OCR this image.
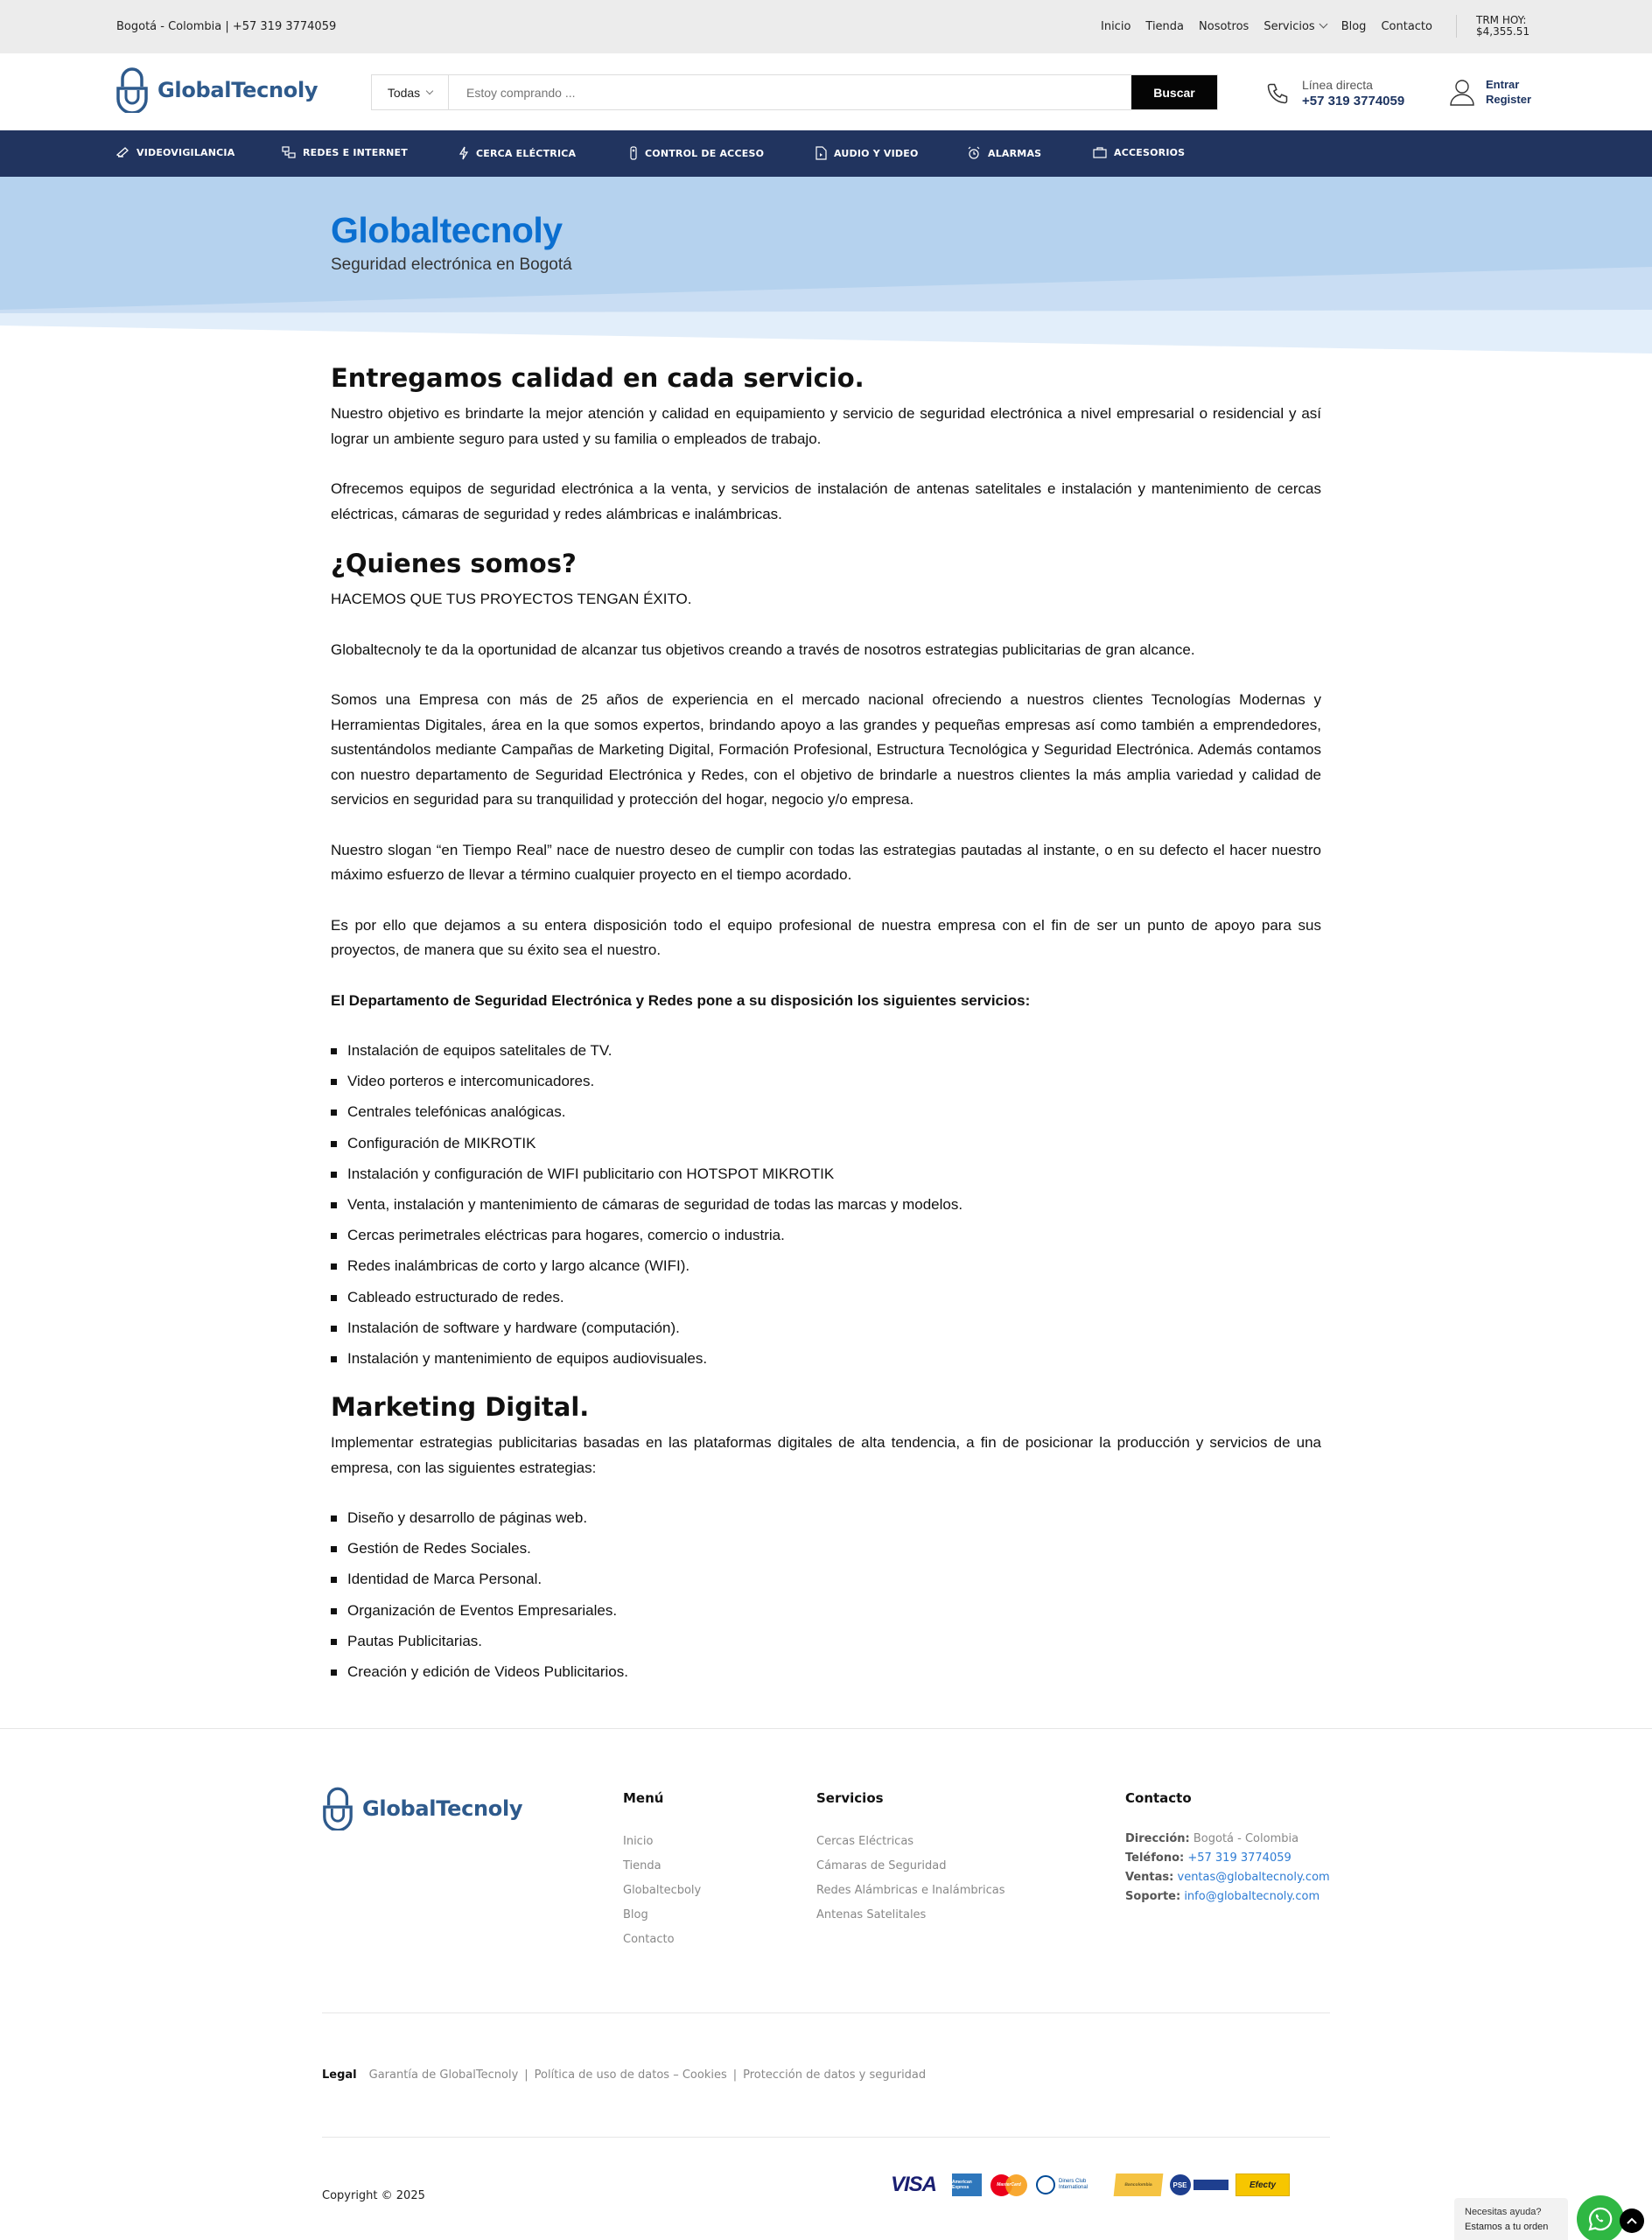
Bogotá - Colombia | +57 319 3774059	Inicio Tienda Nosotros Servicios	Blog Contacto	TRM HOY:
$4,355.51
GlobalTecnoly	Todas
Estoy comprando ...	Buscar
Línea directa
+57 319 3774059
Entrar
Register
VIDEOVIGILANCIA	REDES E INTERNET	CERCA ELÉCTRICA	CONTROL DE ACCESO	AUDIO Y VIDEO	ALARMAS	ACCESORIOS
Globaltecnoly
Seguridad electrónica en Bogotá
Entregamos calidad en cada servicio.

Nuestro objetivo es brindarte la mejor atención y calidad en equipamiento y servicio de seguridad electrónica a nivel empresarial o residencial y así lograr un ambiente seguro para usted y su familia o empleados de trabajo.

Ofrecemos equipos de seguridad electrónica a la venta, y servicios de instalación de antenas satelitales e instalación y mantenimiento de cercas eléctricas, cámaras de seguridad y redes alámbricas e inalámbricas.

¿Quienes somos?

HACEMOS QUE TUS PROYECTOS TENGAN ÉXITO.

Globaltecnoly te da la oportunidad de alcanzar tus objetivos creando a través de nosotros estrategias publicitarias de gran alcance.

Somos una Empresa con más de 25 años de experiencia en el mercado nacional ofreciendo a nuestros clientes Tecnologías Modernas y Herramientas Digitales, área en la que somos expertos, brindando apoyo a las grandes y pequeñas empresas así como también a emprendedores, sustentándolos mediante Campañas de Marketing Digital, Formación Profesional, Estructura Tecnológica y Seguridad Electrónica. Además contamos con nuestro departamento de Seguridad Electrónica y Redes, con el objetivo de brindarle a nuestros clientes la más amplia variedad y calidad de servicios en seguridad para su tranquilidad y protección del hogar, negocio y/o empresa.

Nuestro slogan “en Tiempo Real” nace de nuestro deseo de cumplir con todas las estrategias pautadas al instante, o en su defecto el hacer nuestro máximo esfuerzo de llevar a término cualquier proyecto en el tiempo acordado.

Es por ello que dejamos a su entera disposición todo el equipo profesional de nuestra empresa con el fin de ser un punto de apoyo para sus proyectos, de manera que su éxito sea el nuestro.

El Departamento de Seguridad Electrónica y Redes pone a su disposición los siguientes servicios:

Instalación de equipos satelitales de TV.
Video porteros e intercomunicadores.
Centrales telefónicas analógicas.
Configuración de MIKROTIK
Instalación y configuración de WIFI publicitario con HOTSPOT MIKROTIK
Venta, instalación y mantenimiento de cámaras de seguridad de todas las marcas y modelos.
Cercas perimetrales eléctricas para hogares, comercio o industria.
Redes inalámbricas de corto y largo alcance (WIFI).
Cableado estructurado de redes.
Instalación de software y hardware (computación).
Instalación y mantenimiento de equipos audiovisuales.
Marketing Digital.

Implementar estrategias publicitarias basadas en las plataformas digitales de alta tendencia, a fin de posicionar la producción y servicios de una empresa, con las siguientes estrategias:

Diseño y desarrollo de páginas web.
Gestión de Redes Sociales.
Identidad de Marca Personal.
Organización de Eventos Empresariales.
Pautas Publicitarias.
Creación y edición de Videos Publicitarios.
GlobalTecnoly	Menú
Inicio
Tienda
Globaltecboly
Blog
Contacto
Servicios
Cercas Eléctricas
Cámaras de Seguridad
Redes Alámbricas e Inalámbricas
Antenas Satelitales
Contacto
Dirección: Bogotá - Colombia
Teléfono: +57 319 3774059
Ventas: ventas@globaltecnoly.com
Soporte: info@globaltecnoly.com
Legal Garantía de GlobalTecnoly | Política de uso de datos – Cookies | Protección de datos y seguridad
Copyright © 2025	VISA	American Express	MasterCard
Diners Club International	Bancolombia	PSE	Efecty
Necesitas ayuda?
Estamos a tu orden
